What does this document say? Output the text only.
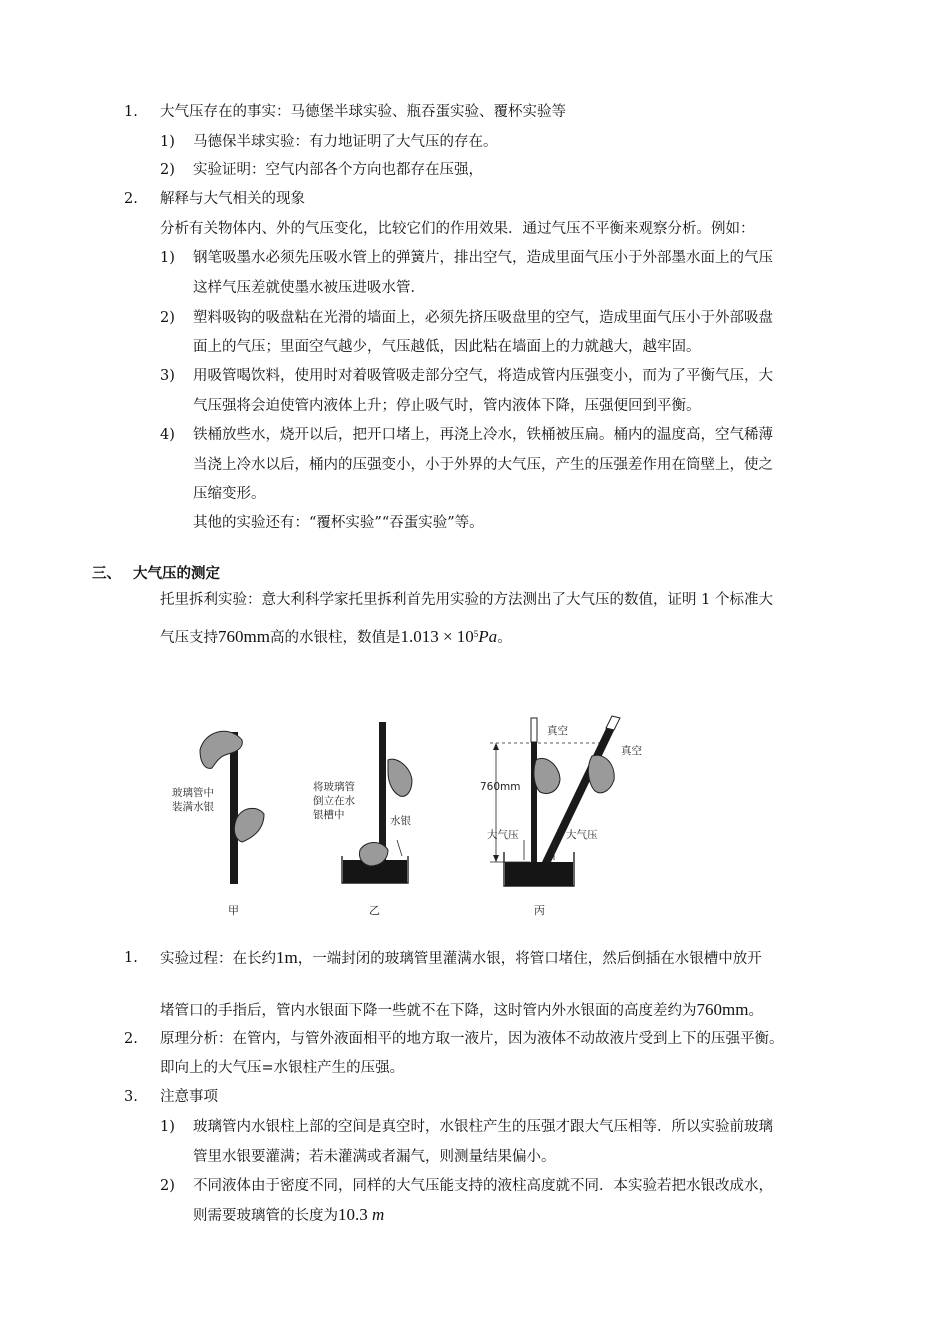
1. 大气压存在的事实：马德堡半球实验、瓶吞蛋实验、覆杯实验等
1) 马德保半球实验：有力地证明了大气压的存在。
2) 实验证明：空气内部各个方向也都存在压强，
2. 解释与大气相关的现象
分析有关物体内、外的气压变化，比较它们的作用效果．通过气压不平衡来观察分析。例如：
1) 钢笔吸墨水必须先压吸水管上的弹簧片，排出空气，造成里面气压小于外部墨水面上的气压
这样气压差就使墨水被压进吸水管．
2) 塑料吸钩的吸盘粘在光滑的墙面上，必须先挤压吸盘里的空气，造成里面气压小于外部吸盘
面上的气压；里面空气越少，气压越低，因此粘在墙面上的力就越大，越牢固。
3) 用吸管喝饮料，使用时对着吸管吸走部分空气，将造成管内压强变小，而为了平衡气压，大
气压强将会迫使管内液体上升；停止吸气时，管内液体下降，压强便回到平衡。
4) 铁桶放些水，烧开以后，把开口堵上，再浇上冷水，铁桶被压扁。桶内的温度高，空气稀薄
当浇上冷水以后，桶内的压强变小，小于外界的大气压，产生的压强差作用在筒壁上，使之
压缩变形。
其他的实验还有：“覆杯实验”“吞蛋实验”等。
三、 大气压的测定
托里拆利实验：意大利科学家托里拆利首先用实验的方法测出了大气压的数值，证明 1 个标准大
气压支持760mm高的水银柱，数值是$1.013 \times 10^5Pa$。
玻璃管中
装满水银
甲
将玻璃管
倒立在水
银槽中	水银
乙
真空
真空
760mm
大气压	大气压
丙
1. 实验过程：在长约1m，一端封闭的玻璃管里灌满水银，将管口堵住，然后倒插在水银槽中放开
堵管口的手指后，管内水银面下降一些就不在下降，这时管内外水银面的高度差约为760mm。
2. 原理分析：在管内，与管外液面相平的地方取一液片，因为液体不动故液片受到上下的压强平衡。
即向上的大气压=水银柱产生的压强。
3. 注意事项
1) 玻璃管内水银柱上部的空间是真空时，水银柱产生的压强才跟大气压相等．所以实验前玻璃
管里水银要灌满；若未灌满或者漏气，则测量结果偏小。
2) 不同液体由于密度不同，同样的大气压能支持的液柱高度就不同．本实验若把水银改成水，
则需要玻璃管的长度为10.3 m
